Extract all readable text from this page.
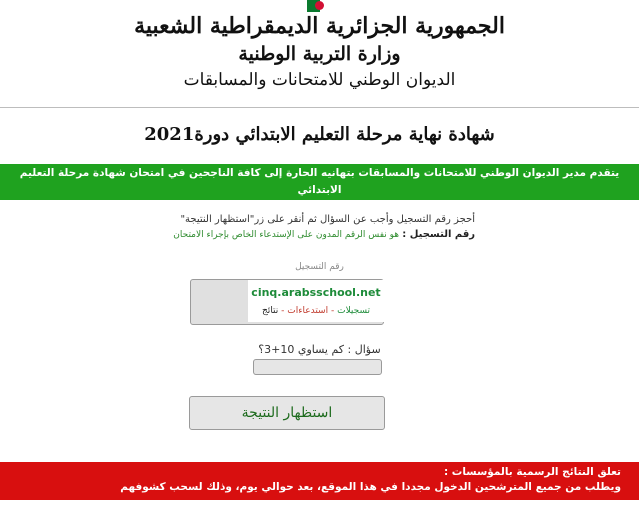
الجمهورية الجزائرية الديمقراطية الشعبية
وزارة التربية الوطنية
الديوان الوطني للامتحانات والمسابقات
شهادة نهاية مرحلة التعليم الابتدائي دورة2021
يتقدم مدير الديوان الوطني للامتحانات والمسابقات بتهانيه الحارة إلى كافة الناجحين في امتحان شهادة مرحلة التعليم الابتدائي
كما يتمنى النجاح مستقبلا للذين لم يسعفهم الحظ في هذه الدورة
أحجز رقم التسجيل وأجب عن السؤال ثم أنقر على زر"استظهار النتيجة"
رقم التسجيل : هو نفس الرقم المدون على الإستدعاء الخاص بإجراء الامتحان
رقم التسجيل
cinq.arabsschool.net
تسجيلات - استدعاءات - نتائج
سؤال : كم يساوي 10+3؟
استظهار النتيجة
تعلق النتائج الرسمية بالمؤسسات :
ويطلب من جميع المترشحين الدخول مجددا في هذا الموقع، بعد حوالي يوم، وذلك لسحب كشوفهم
